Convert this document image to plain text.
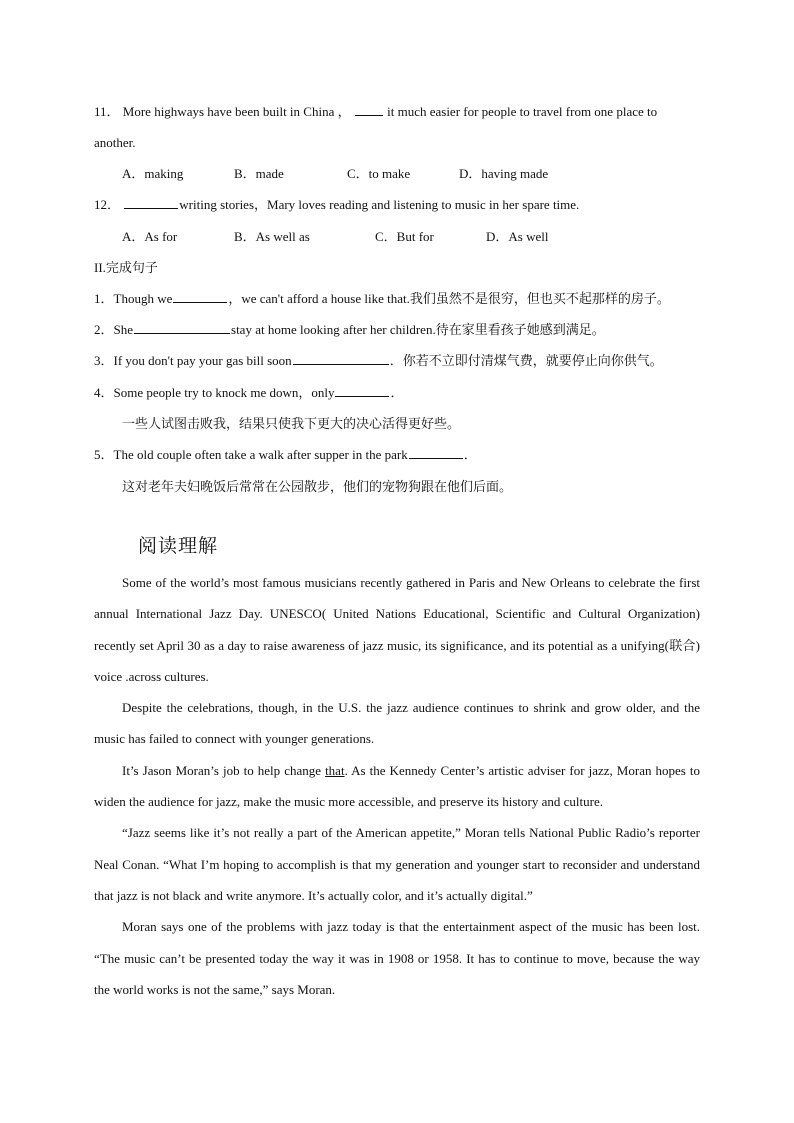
11． More highways have been built in China ，	it much easier for people to travel from one place to
another.
A．making	B．made	C．to make	D．having made
12．	writing stories，Mary loves reading and listening to music in her spare time.
A．As for	B．As well as	C．But for	D．As well
II.完成句子
1．Though we	，we can't afford a house like that.我们虽然不是很穷，但也买不起那样的房子。
2．She	stay at home looking after her children.待在家里看孩子她感到满足。
3．If you don't pay your gas bill soon	．你若不立即付清煤气费，就要停止向你供气。
4．Some people try to knock me down，only	．
一些人试图击败我，结果只使我下更大的决心活得更好些。
5．The old couple often take a walk after supper in the park	．
这对老年夫妇晚饭后常常在公园散步，他们的宠物狗跟在他们后面。
阅读理解

Some of the world’s most famous musicians recently gathered in Paris and New Orleans to celebrate the first annual International Jazz Day. UNESCO( United Nations Educational, Scientific and Cultural Organization) recently set April 30 as a day to raise awareness of jazz music, its significance, and its potential as a unifying(联合) voice .across cultures.

Despite the celebrations, though, in the U.S. the jazz audience continues to shrink and grow older, and the music has failed to connect with younger generations.

It’s Jason Moran’s job to help change that. As the Kennedy Center’s artistic adviser for jazz, Moran hopes to widen the audience for jazz, make the music more accessible, and preserve its history and culture.

“Jazz seems like it’s not really a part of the American appetite,” Moran tells National Public Radio’s reporter Neal Conan. “What I’m hoping to accomplish is that my generation and younger start to reconsider and understand that jazz is not black and write anymore. It’s actually color, and it’s actually digital.”

Moran says one of the problems with jazz today is that the entertainment aspect of the music has been lost. “The music can’t be presented today the way it was in 1908 or 1958. It has to continue to move, because the way the world works is not the same,” says Moran.
